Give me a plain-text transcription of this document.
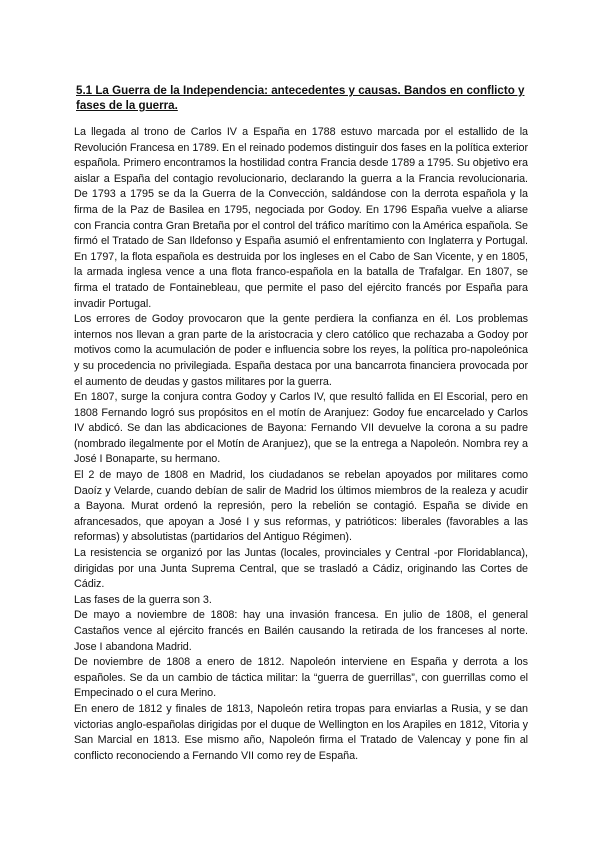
5.1 La Guerra de la Independencia: antecedentes y causas. Bandos en conflicto y fases de la guerra.

La llegada al trono de Carlos IV a España en 1788 estuvo marcada por el estallido de la Revolución Francesa en 1789. En el reinado podemos distinguir dos fases en la política exterior española. Primero encontramos la hostilidad contra Francia desde 1789 a 1795. Su objetivo era aislar a España del contagio revolucionario, declarando la guerra a la Francia revolucionaria. De 1793 a 1795 se da la Guerra de la Convección, saldándose con la derrota española y la firma de la Paz de Basilea en 1795, negociada por Godoy. En 1796 España vuelve a aliarse con Francia contra Gran Bretaña por el control del tráfico marítimo con la América española. Se firmó el Tratado de San Ildefonso y España asumió el enfrentamiento con Inglaterra y Portugal. En 1797, la flota española es destruida por los ingleses en el Cabo de San Vicente, y en 1805, la armada inglesa vence a una flota franco-española en la batalla de Trafalgar. En 1807, se firma el tratado de Fontainebleau, que permite el paso del ejército francés por España para invadir Portugal.

Los errores de Godoy provocaron que la gente perdiera la confianza en él. Los problemas internos nos llevan a gran parte de la aristocracia y clero católico que rechazaba a Godoy por motivos como la acumulación de poder e influencia sobre los reyes, la política pro-napoleónica y su procedencia no privilegiada. España destaca por una bancarrota financiera provocada por el aumento de deudas y gastos militares por la guerra.

En 1807, surge la conjura contra Godoy y Carlos IV, que resultó fallida en El Escorial, pero en 1808 Fernando logró sus propósitos en el motín de Aranjuez: Godoy fue encarcelado y Carlos IV abdicó. Se dan las abdicaciones de Bayona: Fernando VII devuelve la corona a su padre (nombrado ilegalmente por el Motín de Aranjuez), que se la entrega a Napoleón. Nombra rey a José I Bonaparte, su hermano.

El 2 de mayo de 1808 en Madrid, los ciudadanos se rebelan apoyados por militares como Daoíz y Velarde, cuando debían de salir de Madrid los últimos miembros de la realeza y acudir a Bayona. Murat ordenó la represión, pero la rebelión se contagió. España se divide en afrancesados, que apoyan a José I y sus reformas, y patrióticos: liberales (favorables a las reformas) y absolutistas (partidarios del Antiguo Régimen).

La resistencia se organizó por las Juntas (locales, provinciales y Central -por Floridablanca), dirigidas por una Junta Suprema Central, que se trasladó a Cádiz, originando las Cortes de Cádiz.

Las fases de la guerra son 3.

De mayo a noviembre de 1808: hay una invasión francesa. En julio de 1808, el general Castaños vence al ejército francés en Bailén causando la retirada de los franceses al norte. Jose I abandona Madrid.

De noviembre de 1808 a enero de 1812. Napoleón interviene en España y derrota a los españoles. Se da un cambio de táctica militar: la “guerra de guerrillas”, con guerrillas como el Empecinado o el cura Merino.

En enero de 1812 y finales de 1813, Napoleón retira tropas para enviarlas a Rusia, y se dan victorias anglo-españolas dirigidas por el duque de Wellington en los Arapiles en 1812, Vitoria y San Marcial en 1813. Ese mismo año, Napoleón firma el Tratado de Valencay y pone fin al conflicto reconociendo a Fernando VII como rey de España.
